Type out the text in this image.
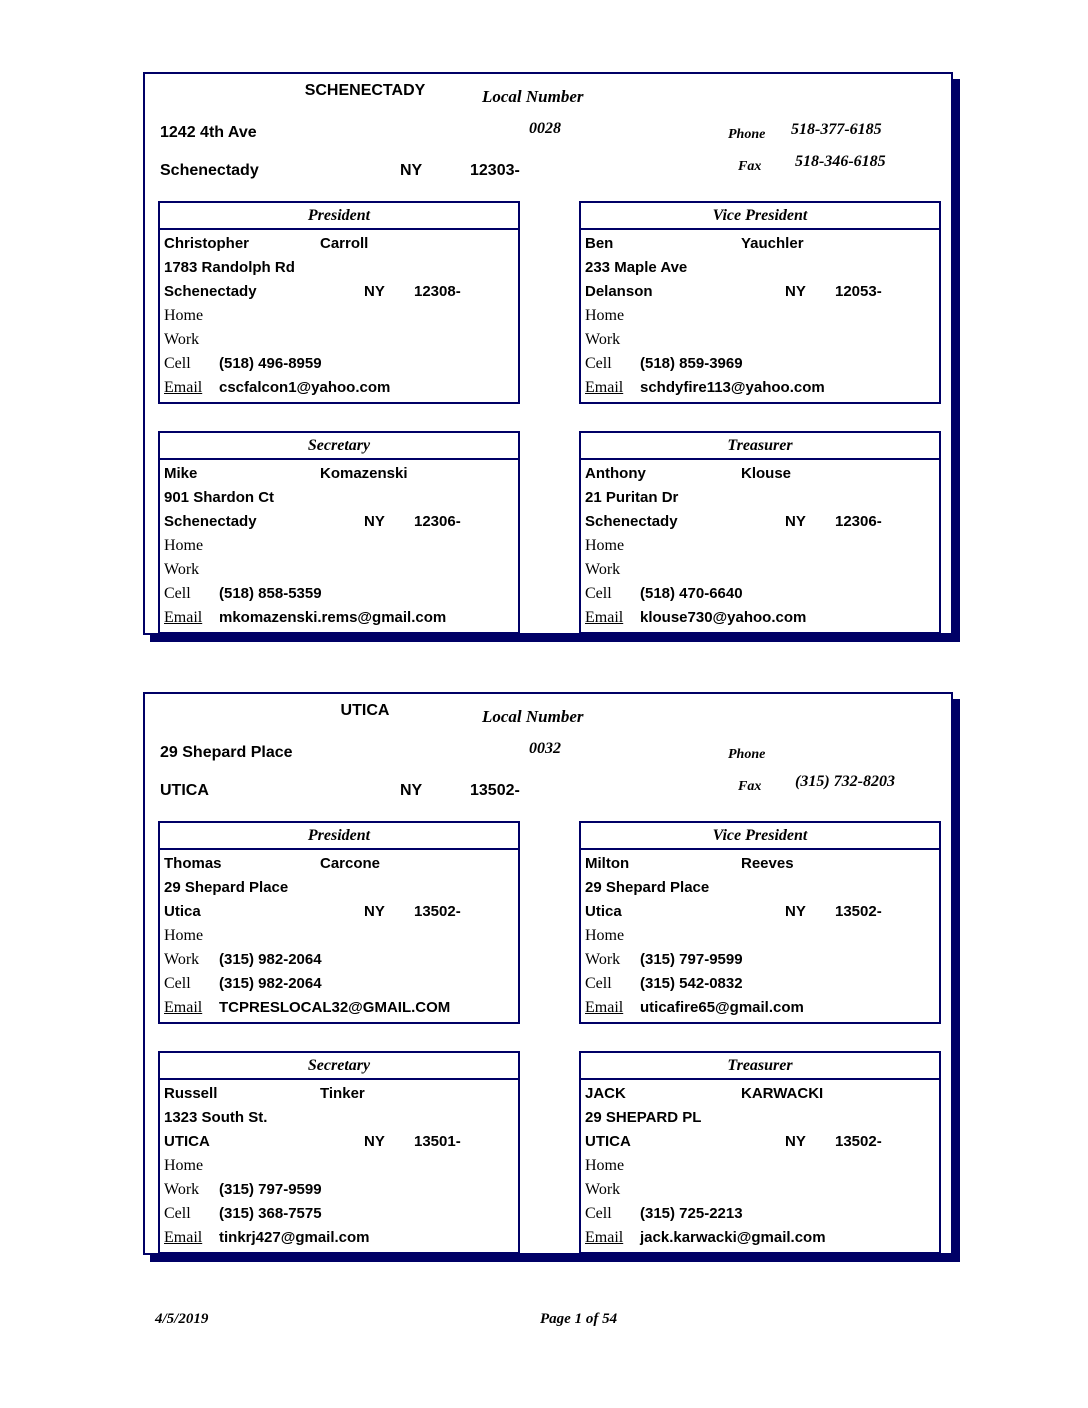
SCHENECTADY	Local Number
1242 4th Ave	0028	Phone 518-377-6185
Schenectady	NY	12303-	Fax 518-346-6185
President
Christopher	Carroll
1783 Randolph Rd
Schenectady	NY 12308-
Home
Work
Cell (518) 496-8959
Email cscfalcon1@yahoo.com
Vice President
Ben	Yauchler
233 Maple Ave
Delanson	NY 12053-
Home
Work
Cell (518) 859-3969
Email schdyfire113@yahoo.com
Secretary
Mike	Komazenski
901 Shardon Ct
Schenectady	NY 12306-
Home
Work
Cell (518) 858-5359
Email mkomazenski.rems@gmail.com
Treasurer
Anthony	Klouse
21 Puritan Dr
Schenectady	NY 12306-
Home
Work
Cell (518) 470-6640
Email klouse730@yahoo.com
UTICA	Local Number
29 Shepard Place	0032	Phone
UTICA	NY	13502-	Fax (315) 732-8203
President
Thomas	Carcone
29 Shepard Place
Utica	NY 13502-
Home
Work (315) 982-2064
Cell (315) 982-2064
Email TCPRESLOCAL32@GMAIL.COM
Vice President
Milton	Reeves
29 Shepard Place
Utica	NY 13502-
Home
Work (315) 797-9599
Cell (315) 542-0832
Email uticafire65@gmail.com
Secretary
Russell	Tinker
1323 South St.
UTICA	NY 13501-
Home
Work (315) 797-9599
Cell (315) 368-7575
Email tinkrj427@gmail.com
Treasurer
JACK	KARWACKI
29 SHEPARD PL
UTICA	NY 13502-
Home
Work
Cell (315) 725-2213
Email jack.karwacki@gmail.com
4/5/2019	Page 1 of 54
